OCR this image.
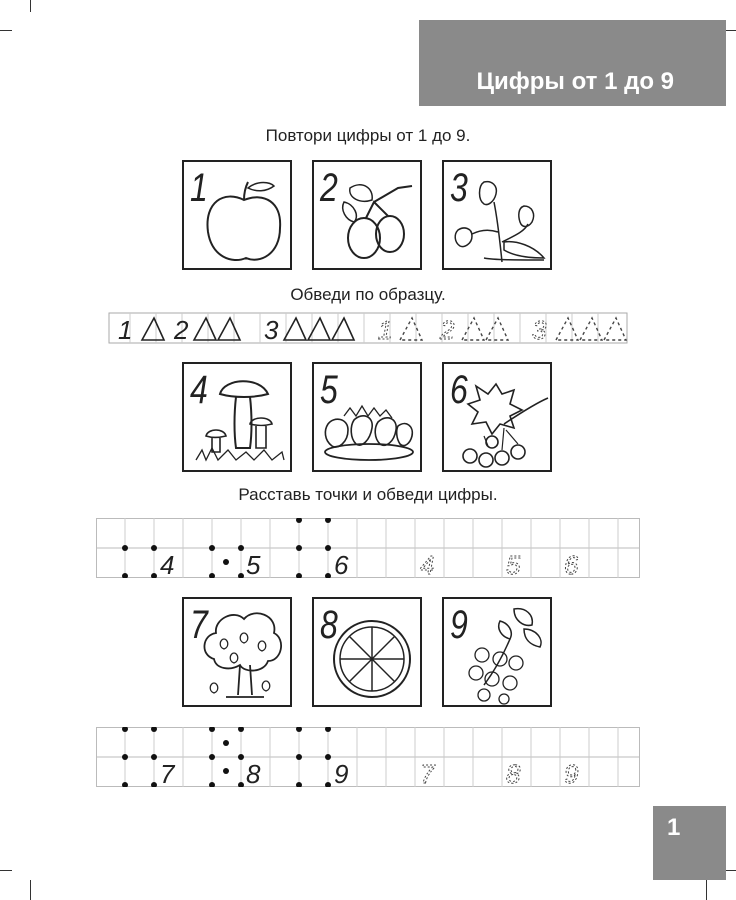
Цифры от 1 до 9
Повтори цифры от 1 до 9.
Обведи по образцу.
Расставь точки и обведи цифры.
1	2	3
1 2	3	1 2	3
4	5	6
4	5	6	4	5 6
7	8	9
7	8	9	7	8 9
1
